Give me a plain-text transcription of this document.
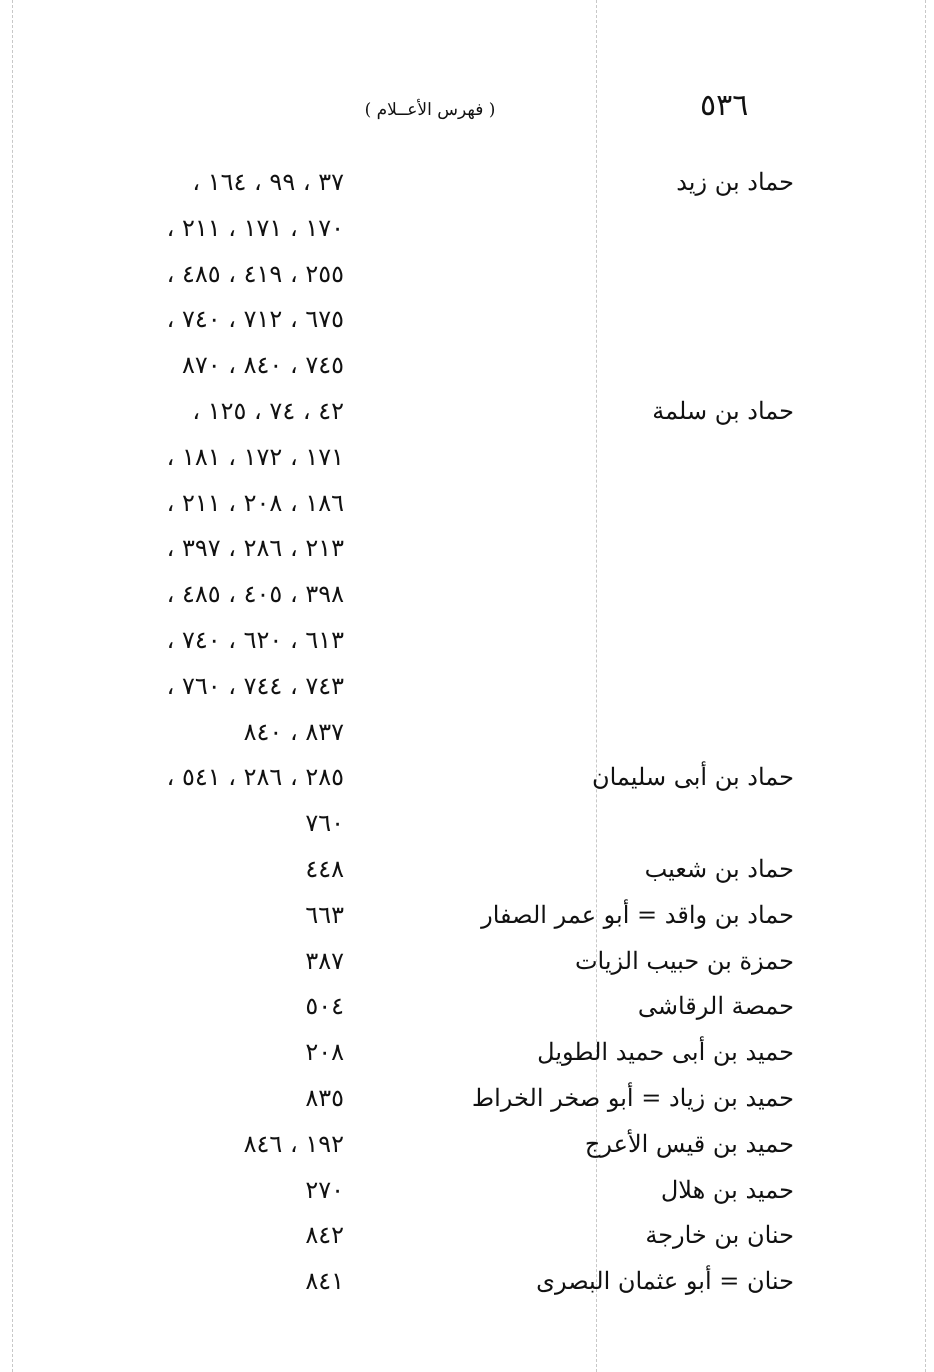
٥٣٦
( فهرس الأعــلام )
حماد بن زيد
٣٧ ، ٩٩ ، ١٦٤ ،
١٧٠ ، ١٧١ ، ٢١١ ،
٢٥٥ ، ٤١٩ ، ٤٨٥ ،
٦٧٥ ، ٧١٢ ، ٧٤٠ ،
٧٤٥ ، ٨٤٠ ، ٨٧٠
حماد بن سلمة
٤٢ ، ٧٤ ، ١٢٥ ،
١٧١ ، ١٧٢ ، ١٨١ ،
١٨٦ ، ٢٠٨ ، ٢١١ ،
٢١٣ ، ٢٨٦ ، ٣٩٧ ،
٣٩٨ ، ٤٠٥ ، ٤٨٥ ،
٦١٣ ، ٦٢٠ ، ٧٤٠ ،
٧٤٣ ، ٧٤٤ ، ٧٦٠ ،
٨٣٧ ، ٨٤٠
حماد بن أبى سليمان
٢٨٥ ، ٢٨٦ ، ٥٤١ ،
٧٦٠
حماد بن شعيب
٤٤٨
حماد بن واقد = أبو عمر الصفار
٦٦٣
حمزة بن حبيب الزيات
٣٨٧
حمصة الرقاشى
٥٠٤
حميد بن أبى حميد الطويل
٢٠٨
حميد بن زياد = أبو صخر الخراط
٨٣٥
حميد بن قيس الأعرج
١٩٢ ، ٨٤٦
حميد بن هلال
٢٧٠
حنان بن خارجة
٨٤٢
حنان = أبو عثمان البصرى
٨٤١
